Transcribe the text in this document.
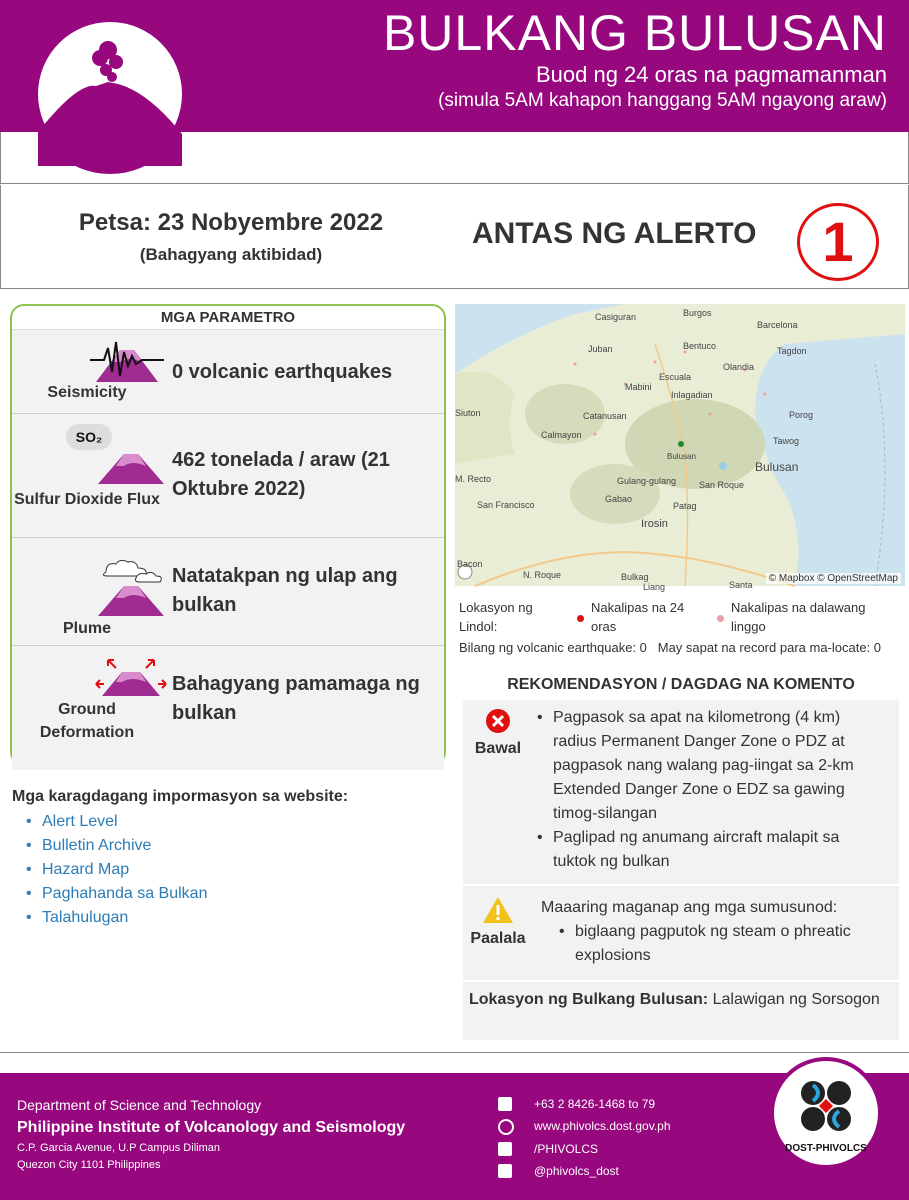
BULKANG BULUSAN
Buod ng 24 oras na pagmamanman
(simula 5AM kahapon hanggang 5AM ngayong araw)
Petsa: 23 Nobyembre 2022
(Bahagyang aktibidad)
ANTAS NG ALERTO	1
MGA PARAMETRO
Seismicity
0 volcanic earthquakes
SO₂
Sulfur Dioxide Flux
462 tonelada / araw (21 Oktubre 2022)
Plume
Natatakpan ng ulap ang bulkan
Ground Deformation
Bahagyang pamamaga ng bulkan
Mga karagdagang impormasyon sa website:
• Alert Level
• Bulletin Archive
• Hazard Map
• Paghahanda sa Bulkan
• Talahulugan
Casiguran	Burgos
Barcelona
Juban	Bentuco	Tagdon
Escuala
Olandia
Mabini
Inlagadian
Siuton	Catanusan	Porog
Calmayon
Tawog
Bulusan
Bulusan
M. Recto	Gulang-gulang	San Roque
San Francisco
Gabao
Irosin
Patag
N. Roque	Bulkag
Liang	Santa
Bacon
© Mapbox © OpenStreetMap
Lokasyon ng Lindol:
Nakalipas na 24 oras
Nakalipas na dalawang linggo
Bilang ng volcanic earthquake: 0   May sapat na record para ma-locate: 0
REKOMENDASYON / DAGDAG NA KOMENTO
Bawal
• Pagpasok sa apat na kilometrong (4 km) radius Permanent Danger Zone o PDZ at pagpasok nang walang pag-iingat sa 2-km Extended Danger Zone o EDZ sa gawing timog-silangan
• Paglipad ng anumang aircraft malapit sa tuktok ng bulkan
Paalala
Maaaring maganap ang mga sumusunod:
• biglaang pagputok ng steam o phreatic explosions
Lokasyon ng Bulkang Bulusan: Lalawigan ng Sorsogon
Department of Science and Technology
Philippine Institute of Volcanology and Seismology
C.P. Garcia Avenue, U.P Campus Diliman
Quezon City 1101 Philippines
+63 2 8426-1468 to 79
www.phivolcs.dost.gov.ph
/PHIVOLCS
@phivolcs_dost
DOST-PHIVOLCS
